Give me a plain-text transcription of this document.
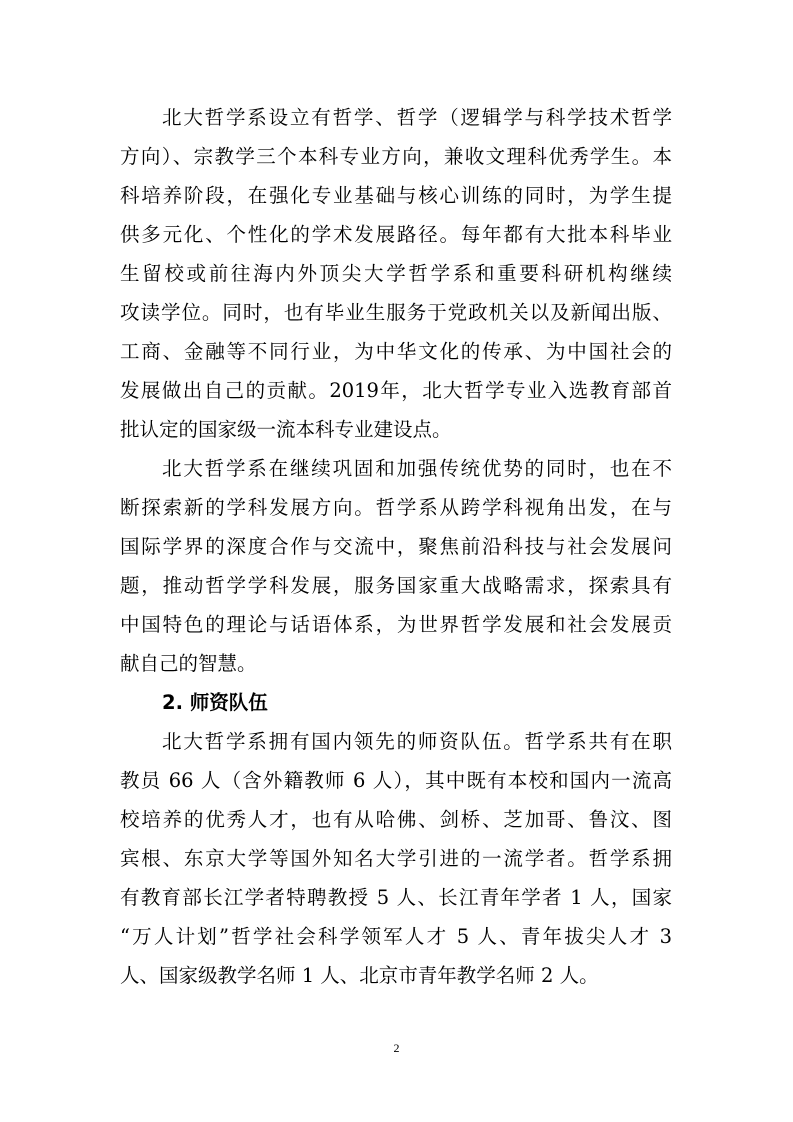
北大哲学系设立有哲学、哲学（逻辑学与科学技术哲学
方向）、宗教学三个本科专业方向，兼收文理科优秀学生。本
科培养阶段，在强化专业基础与核心训练的同时，为学生提
供多元化、个性化的学术发展路径。每年都有大批本科毕业
生留校或前往海内外顶尖大学哲学系和重要科研机构继续
攻读学位。同时，也有毕业生服务于党政机关以及新闻出版、
工商、金融等不同行业，为中华文化的传承、为中国社会的
发展做出自己的贡献。2019年，北大哲学专业入选教育部首
批认定的国家级一流本科专业建设点。
北大哲学系在继续巩固和加强传统优势的同时，也在不
断探索新的学科发展方向。哲学系从跨学科视角出发，在与
国际学界的深度合作与交流中，聚焦前沿科技与社会发展问
题，推动哲学学科发展，服务国家重大战略需求，探索具有
中国特色的理论与话语体系，为世界哲学发展和社会发展贡
献自己的智慧。
2. 师资队伍
北大哲学系拥有国内领先的师资队伍。哲学系共有在职
教员 66 人（含外籍教师 6 人），其中既有本校和国内一流高
校培养的优秀人才，也有从哈佛、剑桥、芝加哥、鲁汶、图
宾根、东京大学等国外知名大学引进的一流学者。哲学系拥
有教育部长江学者特聘教授 5 人、长江青年学者 1 人，国家
“万人计划”哲学社会科学领军人才 5 人、青年拔尖人才 3
人、国家级教学名师 1 人、北京市青年教学名师 2 人。
2
